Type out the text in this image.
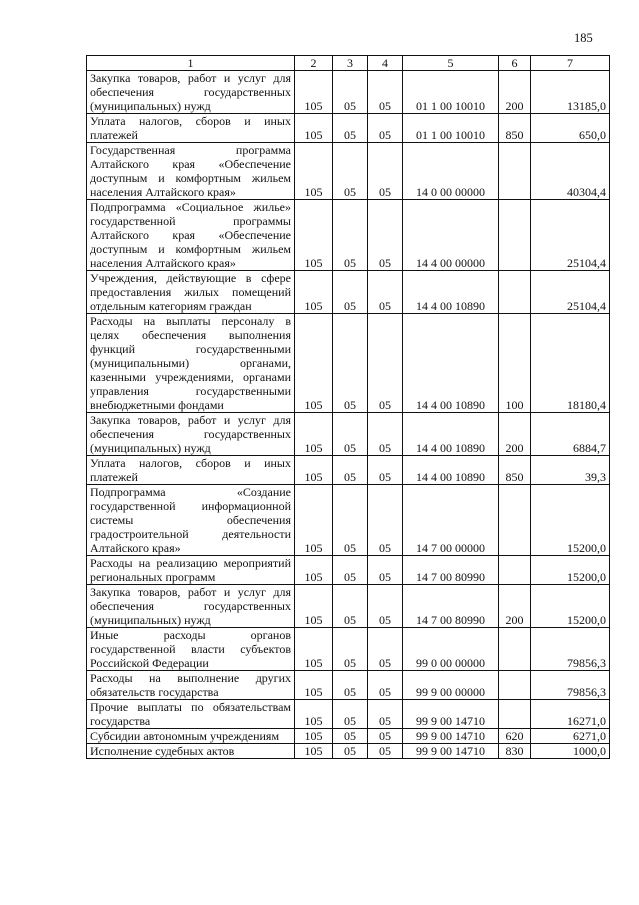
185
1	2	3	4	5	6	7
Закупка товаров, работ и услуг для обеспечения государственных (муниципальных) нужд	105	05	05	01 1 00 10010	200	13185,0
Уплата налогов, сборов и иных платежей	105	05	05	01 1 00 10010	850	650,0
Государственная программа Алтайского края «Обеспечение доступным и комфортным жильем населения Алтайского края»	105	05	05	14 0 00 00000		40304,4
Подпрограмма «Социальное жилье» государственной программы Алтайского края «Обеспечение доступным и комфортным жильем населения Алтайского края»	105	05	05	14 4 00 00000		25104,4
Учреждения, действующие в сфере предоставления жилых помещений отдельным категориям граждан	105	05	05	14 4 00 10890		25104,4
Расходы на выплаты персоналу в целях обеспечения выполнения функций государственными (муниципальными) органами, казенными учреждениями, органами управления государственными внебюджетными фондами	105	05	05	14 4 00 10890	100	18180,4
Закупка товаров, работ и услуг для обеспечения государственных (муниципальных) нужд	105	05	05	14 4 00 10890	200	6884,7
Уплата налогов, сборов и иных платежей	105	05	05	14 4 00 10890	850	39,3
Подпрограмма «Создание государственной информационной системы обеспечения градостроительной деятельности Алтайского края»	105	05	05	14 7 00 00000		15200,0
Расходы на реализацию мероприятий региональных программ	105	05	05	14 7 00 80990		15200,0
Закупка товаров, работ и услуг для обеспечения государственных (муниципальных) нужд	105	05	05	14 7 00 80990	200	15200,0
Иные расходы органов государственной власти субъектов Российской Федерации	105	05	05	99 0 00 00000		79856,3
Расходы на выполнение других обязательств государства	105	05	05	99 9 00 00000		79856,3
Прочие выплаты по обязательствам государства	105	05	05	99 9 00 14710		16271,0
Субсидии автономным учреждениям	105	05	05	99 9 00 14710	620	6271,0
Исполнение судебных актов	105	05	05	99 9 00 14710	830	1000,0
